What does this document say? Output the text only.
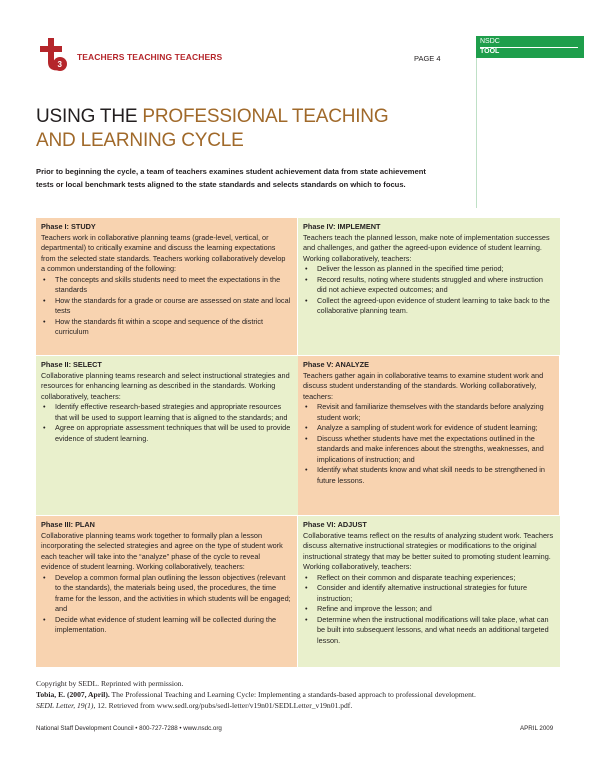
3
TEACHERS TEACHING TEACHERS	PAGE 4
NSDC
TOOL
USING THE PROFESSIONAL TEACHING
AND LEARNING CYCLE
Prior to beginning the cycle, a team of teachers examines student achievement data from state achievement tests or local benchmark tests aligned to the state standards and selects standards on which to focus.
Phase I: STUDY
Teachers work in collaborative planning teams (grade-level, vertical, or departmental) to critically examine and discuss the learning expectations from the selected state standards. Teachers working collaboratively develop a common understanding of the following:
• The concepts and skills students need to meet the expectations in the standards
• How the standards for a grade or course are assessed on state and local tests
• How the standards fit within a scope and sequence of the district curriculum
Phase IV: IMPLEMENT
Teachers teach the planned lesson, make note of implementation successes and challenges, and gather the agreed-upon evidence of student learning. Working collaboratively, teachers:
• Deliver the lesson as planned in the specified time period;
• Record results, noting where students struggled and where instruction did not achieve expected outcomes; and
• Collect the agreed-upon evidence of student learning to take back to the collaborative planning team.
Phase II: SELECT
Collaborative planning teams research and select instructional strategies and resources for enhancing learning as described in the standards. Working collaboratively, teachers:
• Identify effective research-based strategies and appropriate resources that will be used to support learning that is aligned to the standards; and
• Agree on appropriate assessment techniques that will be used to provide evidence of student learning.
Phase V: ANALYZE
Teachers gather again in collaborative teams to examine student work and discuss student understanding of the standards. Working collaboratively, teachers:
• Revisit and familiarize themselves with the standards before analyzing student work;
• Analyze a sampling of student work for evidence of student learning;
• Discuss whether students have met the expectations outlined in the standards and make inferences about the strengths, weaknesses, and implications of instruction; and
• Identify what students know and what skill needs to be strengthened in future lessons.
Phase III: PLAN
Collaborative planning teams work together to formally plan a lesson incorporating the selected strategies and agree on the type of student work each teacher will take into the “analyze” phase of the cycle to reveal evidence of student learning. Working collaboratively, teachers:
• Develop a common formal plan outlining the lesson objectives (relevant to the standards), the materials being used, the procedures, the time frame for the lesson, and the activities in which students will be engaged; and
• Decide what evidence of student learning will be collected during the implementation.
Phase VI: ADJUST
Collaborative teams reflect on the results of analyzing student work. Teachers discuss alternative instructional strategies or modifications to the original instructional strategy that may be better suited to promoting student learning. Working collaboratively, teachers:
• Reflect on their common and disparate teaching experiences;
• Consider and identify alternative instructional strategies for future instruction;
• Refine and improve the lesson; and
• Determine when the instructional modifications will take place, what can be built into subsequent lessons, and what needs an additional targeted lesson.
Copyright by SEDL. Reprinted with permission.
Tobia, E. (2007, April). The Professional Teaching and Learning Cycle: Implementing a standards-based approach to professional development.
SEDL Letter, 19(1), 12. Retrieved from www.sedl.org/pubs/sedl-letter/v19n01/SEDLLetter_v19n01.pdf.
National Staff Development Council • 800-727-7288 • www.nsdc.org	APRIL 2009
